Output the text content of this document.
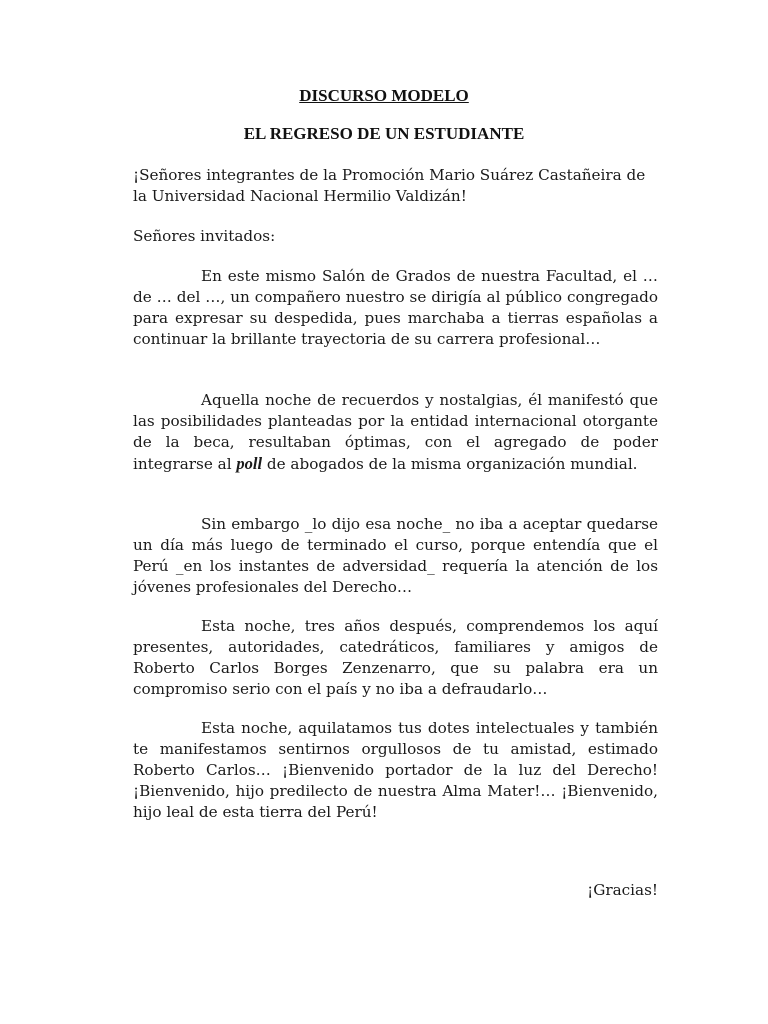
DISCURSO MODELO
EL REGRESO DE UN ESTUDIANTE

¡Señores integrantes de la Promoción Mario Suárez Castañeira de la Universidad Nacional Hermilio Valdizán!

Señores invitados:

En este mismo Salón de Grados de nuestra Facultad, el … de … del …, un compañero nuestro se dirigía al público congregado para expresar su despedida, pues marchaba a tierras españolas a continuar la brillante trayectoria de su carrera profesional…

Aquella noche de recuerdos y nostalgias, él manifestó que las posibilidades planteadas por la entidad internacional otorgante de la beca, resultaban óptimas, con el agregado de poder integrarse al poll de abogados de la misma organización mundial.

Sin embargo _lo dijo esa noche_ no iba a aceptar quedarse un día más luego de terminado el curso, porque entendía que el Perú _en los instantes de adversidad_ requería la atención de los jóvenes profesionales del Derecho…

Esta noche, tres años después, comprendemos los aquí presentes, autoridades, catedráticos, familiares y amigos de Roberto Carlos Borges Zenzenarro, que su palabra era un compromiso serio con el país y no iba a defraudarlo…

Esta noche, aquilatamos tus dotes intelectuales y también te manifestamos sentirnos orgullosos de tu amistad, estimado Roberto Carlos… ¡Bienvenido portador de la luz del Derecho! ¡Bienvenido, hijo predilecto de nuestra Alma Mater!… ¡Bienvenido, hijo leal de esta tierra del Perú!

¡Gracias!
